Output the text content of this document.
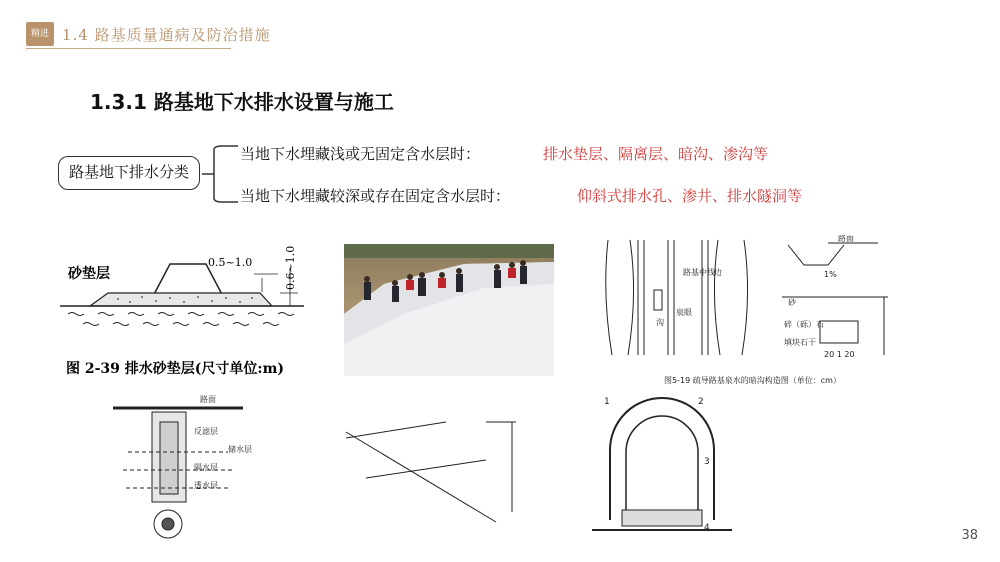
精进 1.4 路基质量通病及防治措施
1.3.1 路基地下水排水设置与施工
路基地下排水分类
当地下水埋藏浅或无固定含水层时：	排水垫层、隔离层、暗沟、渗沟等
当地下水埋藏较深或存在固定含水层时：	仰斜式排水孔、渗井、排水隧洞等
砂垫层
0.5~1.0	0.6~1.0
图 2-39 排水砂垫层(尺寸单位:m)
路基中线
沟
边
路面
砂
碎（砾）石
填块石干
泉眼
1%
20 1 20
图5-19 疏导路基泉水的暗沟构造图（单位：cm）
路面
反滤层
储水层
隔水层
透水层
1	2
3
4	38
